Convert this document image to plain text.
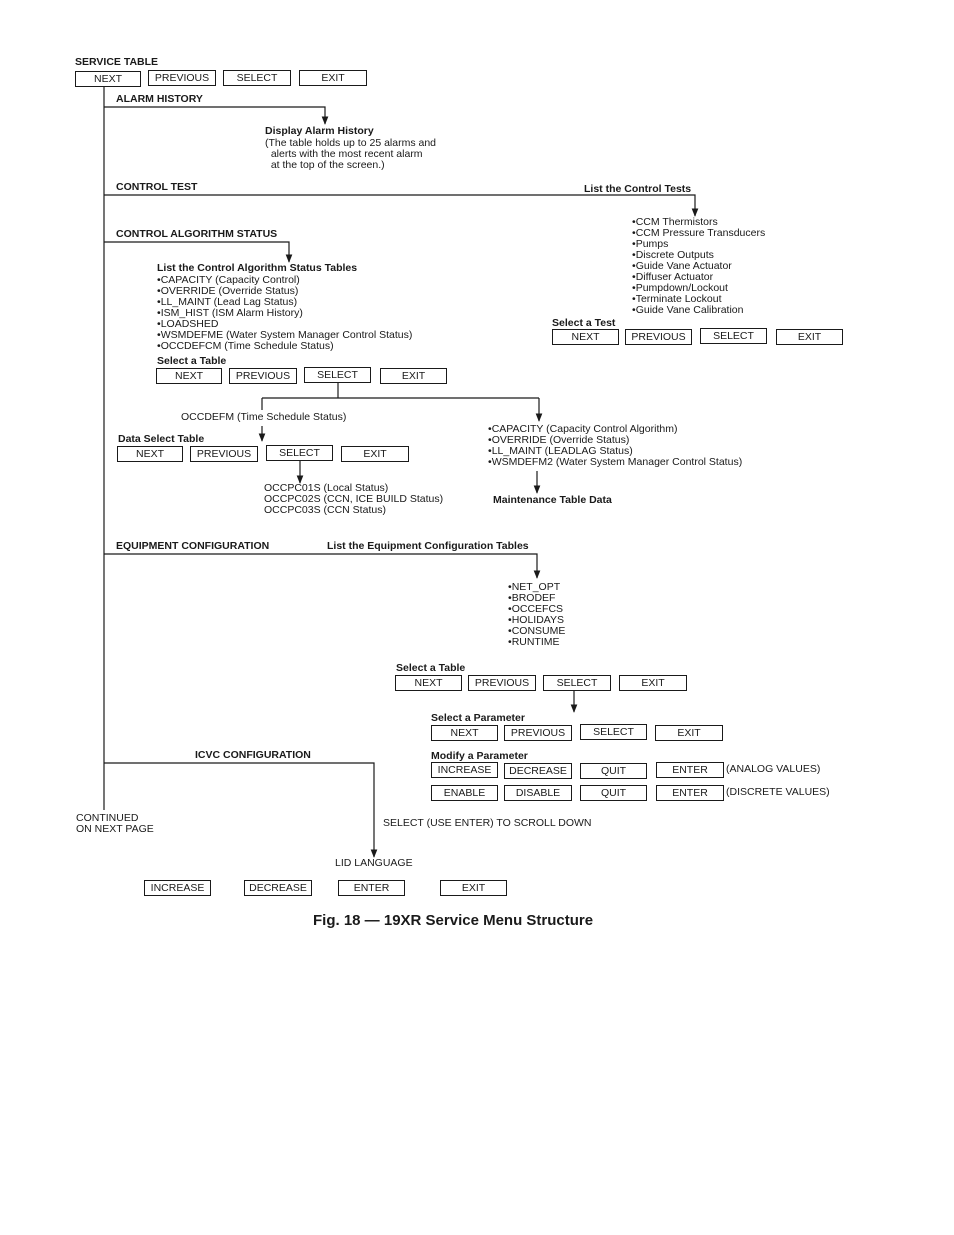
SERVICE TABLE
NEXT	PREVIOUS	SELECT	EXIT
ALARM HISTORY
Display Alarm History
(The table holds up to 25 alarms and
alerts with the most recent alarm
at the top of the screen.)
CONTROL TEST	List the Control Tests
• CCM Thermistors
• CCM Pressure Transducers
• Pumps
• Discrete Outputs
• Guide Vane Actuator
• Diffuser Actuator
• Pumpdown/Lockout
• Terminate Lockout
• Guide Vane Calibration
Select a Test
NEXT	PREVIOUS	SELECT	EXIT
CONTROL ALGORITHM STATUS
List the Control Algorithm Status Tables
• CAPACITY (Capacity Control)
• OVERRIDE (Override Status)
• LL_MAINT (Lead Lag Status)
• ISM_HIST (ISM Alarm History)
• LOADSHED
• WSMDEFME (Water System Manager Control Status)
• OCCDEFCM (Time Schedule Status)
Select a Table
NEXT	PREVIOUS	SELECT	EXIT
OCCDEFM (Time Schedule Status)
Data Select Table
NEXT	PREVIOUS	SELECT	EXIT
OCCPC01S (Local Status)
OCCPC02S (CCN, ICE BUILD Status)
OCCPC03S (CCN Status)
• CAPACITY (Capacity Control Algorithm)
• OVERRIDE (Override Status)
• LL_MAINT (LEADLAG Status)
• WSMDEFM2 (Water System Manager Control Status)
Maintenance Table Data
EQUIPMENT CONFIGURATION	List the Equipment Configuration Tables
• NET_OPT
• BRODEF
• OCCEFCS
• HOLIDAYS
• CONSUME
• RUNTIME
Select a Table
NEXT	PREVIOUS	SELECT	EXIT
Select a Parameter
NEXT	PREVIOUS	SELECT	EXIT
Modify a Parameter
INCREASE	DECREASE	QUIT	ENTER	(ANALOG VALUES)
ENABLE	DISABLE	QUIT	ENTER	(DISCRETE VALUES)
ICVC CONFIGURATION
CONTINUED
ON NEXT PAGE	SELECT (USE ENTER) TO SCROLL DOWN
LID LANGUAGE
INCREASE	DECREASE	ENTER	EXIT
Fig. 18 — 19XR Service Menu Structure
